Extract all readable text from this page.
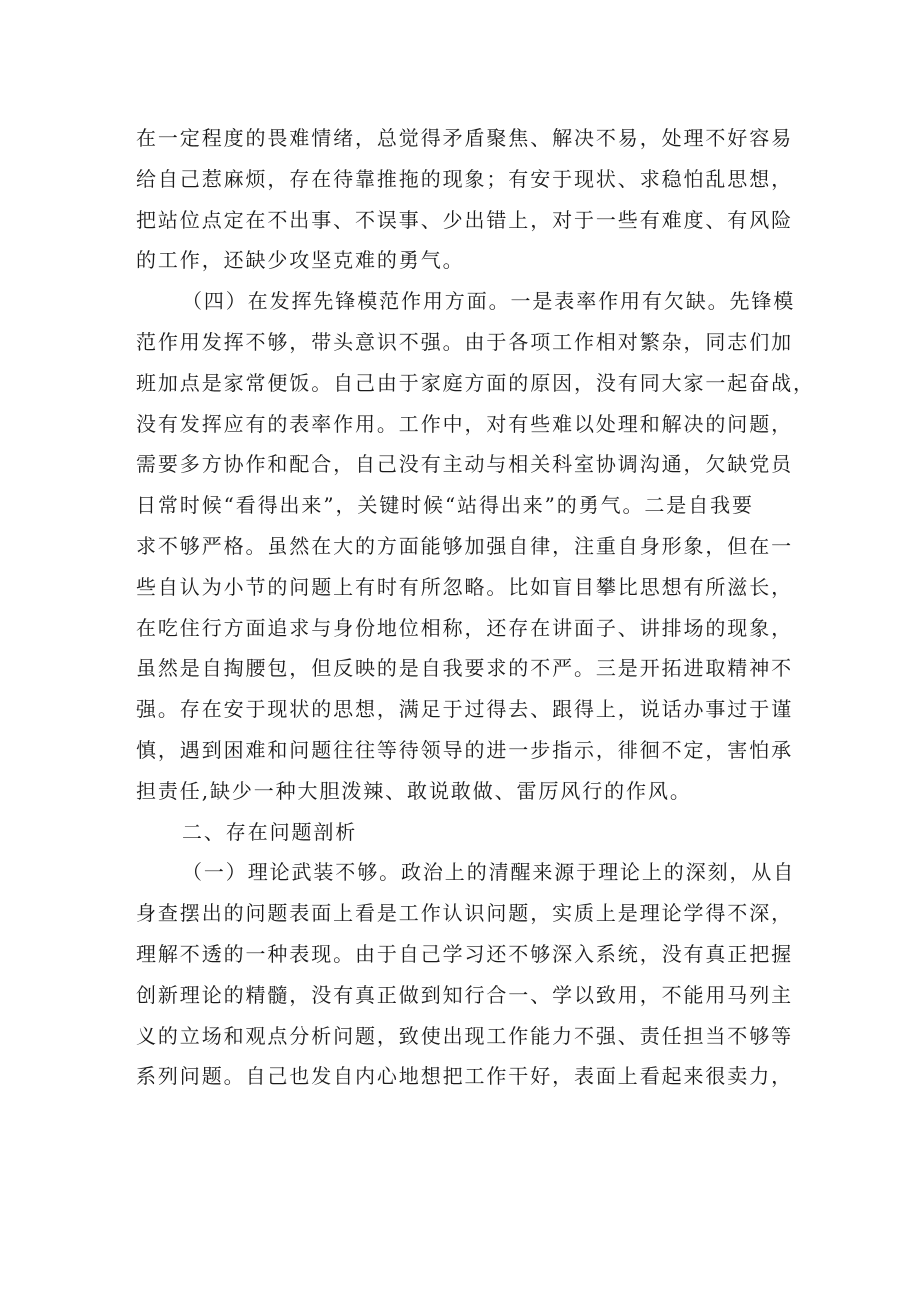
在一定程度的畏难情绪，总觉得矛盾聚焦、解决不易，处理不好容易
给自己惹麻烦，存在待靠推拖的现象；有安于现状、求稳怕乱思想，
把站位点定在不出事、不误事、少出错上，对于一些有难度、有风险
的工作，还缺少攻坚克难的勇气。
（四）在发挥先锋模范作用方面。一是表率作用有欠缺。先锋模
范作用发挥不够，带头意识不强。由于各项工作相对繁杂，同志们加
班加点是家常便饭。自己由于家庭方面的原因，没有同大家一起奋战，
没有发挥应有的表率作用。工作中，对有些难以处理和解决的问题，
需要多方协作和配合，自己没有主动与相关科室协调沟通，欠缺党员
日常时候“看得出来”，关键时候“站得出来”的勇气。二是自我要
求不够严格。虽然在大的方面能够加强自律，注重自身形象，但在一
些自认为小节的问题上有时有所忽略。比如盲目攀比思想有所滋长，
在吃住行方面追求与身份地位相称，还存在讲面子、讲排场的现象，
虽然是自掏腰包，但反映的是自我要求的不严。三是开拓进取精神不
强。存在安于现状的思想，满足于过得去、跟得上，说话办事过于谨
慎，遇到困难和问题往往等待领导的进一步指示，徘徊不定，害怕承
担责任,缺少一种大胆泼辣、敢说敢做、雷厉风行的作风。
二、存在问题剖析
（一）理论武装不够。政治上的清醒来源于理论上的深刻，从自
身查摆出的问题表面上看是工作认识问题，实质上是理论学得不深，
理解不透的一种表现。由于自己学习还不够深入系统，没有真正把握
创新理论的精髓，没有真正做到知行合一、学以致用，不能用马列主
义的立场和观点分析问题，致使出现工作能力不强、责任担当不够等
系列问题。自己也发自内心地想把工作干好，表面上看起来很卖力，
